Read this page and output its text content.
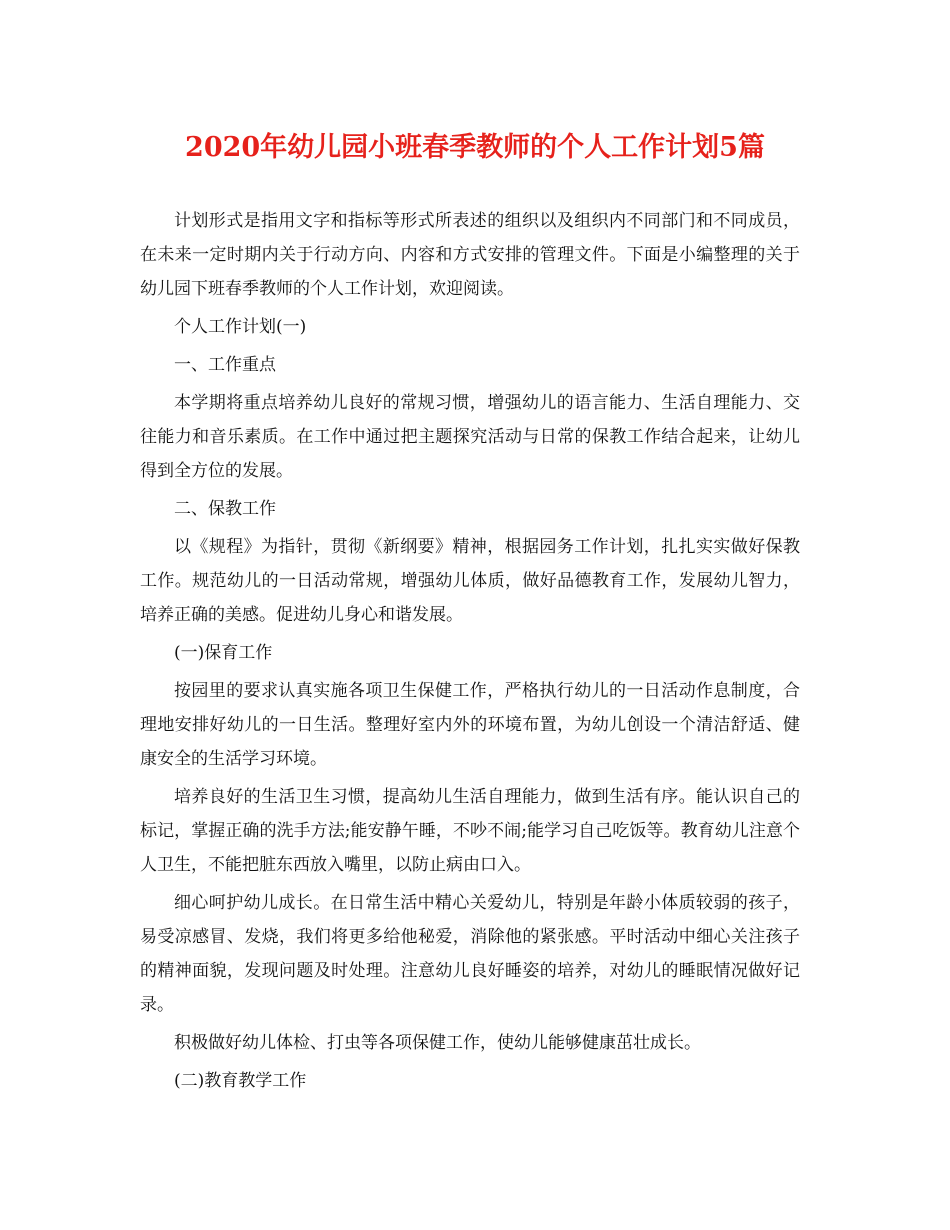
2020年幼儿园小班春季教师的个人工作计划5篇

计划形式是指用文字和指标等形式所表述的组织以及组织内不同部门和不同成员，在未来一定时期内关于行动方向、内容和方式安排的管理文件。下面是小编整理的关于幼儿园下班春季教师的个人工作计划，欢迎阅读。

个人工作计划(一)

一、工作重点

本学期将重点培养幼儿良好的常规习惯，增强幼儿的语言能力、生活自理能力、交往能力和音乐素质。在工作中通过把主题探究活动与日常的保教工作结合起来，让幼儿得到全方位的发展。

二、保教工作

以《规程》为指针，贯彻《新纲要》精神，根据园务工作计划，扎扎实实做好保教工作。规范幼儿的一日活动常规，增强幼儿体质，做好品德教育工作，发展幼儿智力，培养正确的美感。促进幼儿身心和谐发展。

(一)保育工作

按园里的要求认真实施各项卫生保健工作，严格执行幼儿的一日活动作息制度，合理地安排好幼儿的一日生活。整理好室内外的环境布置，为幼儿创设一个清洁舒适、健康安全的生活学习环境。

培养良好的生活卫生习惯，提高幼儿生活自理能力，做到生活有序。能认识自己的标记，掌握正确的洗手方法;能安静午睡，不吵不闹;能学习自己吃饭等。教育幼儿注意个人卫生，不能把脏东西放入嘴里，以防止病由口入。

细心呵护幼儿成长。在日常生活中精心关爱幼儿，特别是年龄小体质较弱的孩子，易受凉感冒、发烧，我们将更多给他秘爱，消除他的紧张感。平时活动中细心关注孩子的精神面貌，发现问题及时处理。注意幼儿良好睡姿的培养，对幼儿的睡眠情况做好记录。

积极做好幼儿体检、打虫等各项保健工作，使幼儿能够健康茁壮成长。

(二)教育教学工作
